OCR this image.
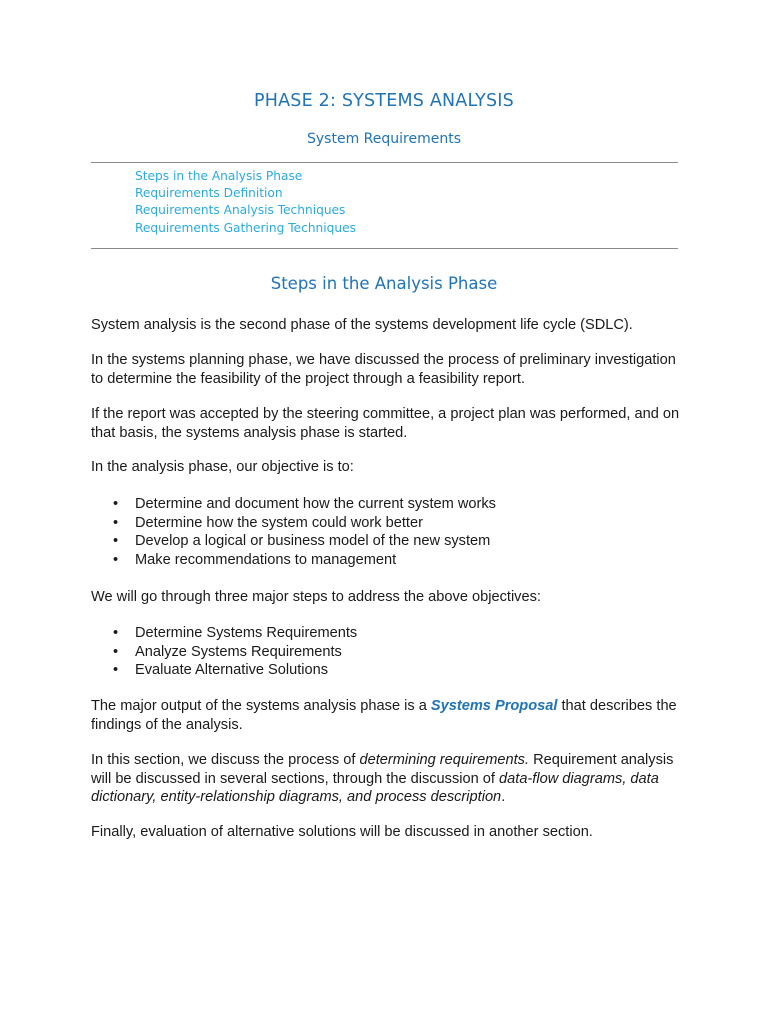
PHASE 2: SYSTEMS ANALYSIS
System Requirements
Steps in the Analysis Phase
Requirements Definition
Requirements Analysis Techniques
Requirements Gathering Techniques
Steps in the Analysis Phase

System analysis is the second phase of the systems development life cycle (SDLC).

In the systems planning phase, we have discussed the process of preliminary investigation to determine the feasibility of the project through a feasibility report.

If the report was accepted by the steering committee, a project plan was performed, and on that basis, the systems analysis phase is started.

In the analysis phase, our objective is to:

• Determine and document how the current system works
• Determine how the system could work better
• Develop a logical or business model of the new system
• Make recommendations to management

We will go through three major steps to address the above objectives:

• Determine Systems Requirements
• Analyze Systems Requirements
• Evaluate Alternative Solutions

The major output of the systems analysis phase is a Systems Proposal that describes the findings of the analysis.

In this section, we discuss the process of determining requirements. Requirement analysis will be discussed in several sections, through the discussion of data-flow diagrams, data dictionary, entity-relationship diagrams, and process description.

Finally, evaluation of alternative solutions will be discussed in another section.
